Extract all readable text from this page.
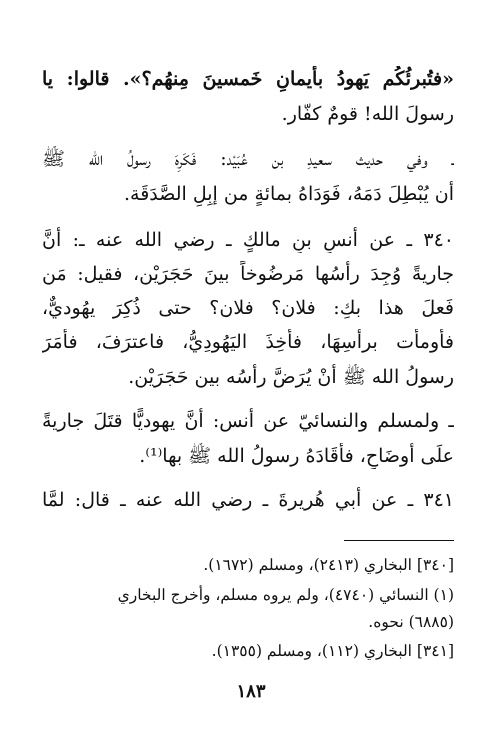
«فتُبرئُكُم يَهودُ بأيمانِ خَمسينَ مِنهُم؟». قالوا: يا
رسولَ الله! قومٌ كفّار.
ـ وفي حديث سعيدِ بن عُبَيْد: فَكَرِهَ رسولُ الله ﷺ
أن يُبْطِلَ دَمَهُ، فَوَدَاهُ بمائةٍ من إبِلِ الصَّدَقَة.
٣٤٠ ـ عن أنسِ بنِ مالكٍ ـ رضي الله عنه ـ: أنَّ
جاريةً وُجِدَ رأسُها مَرضُوخاً بينَ حَجَرَيْن، فقيل: مَن
فَعلَ هذا بكِ: فلان؟ فلان؟ حتى ذُكِرَ يهُوديٌّ،
فأومأت برأسِهَا، فأُخِذَ اليَهُودِيُّ، فاعترَفَ، فأمَرَ
رسولُ الله ﷺ أنْ يُرَضَّ رأسُه بين حَجَرَيْن.
ـ ولمسلم والنسائيّ عن أنس: أنَّ يهوديًّا قتَلَ جاريةً
علَى أوضَاحٍ، فأقَادَهُ رسولُ الله ﷺ بها⁽¹⁾.
٣٤١ ـ عن أبي هُريرةَ ـ رضي الله عنه ـ قال: لمَّا
[٣٤٠] البخاري (٢٤١٣)، ومسلم (١٦٧٢).
(١) النسائي (٤٧٤٠)، ولم يروه مسلم، وأخرج البخاري
(٦٨٨٥) نحوه.
[٣٤١] البخاري (١١٢)، ومسلم (١٣٥٥).
١٨٣
